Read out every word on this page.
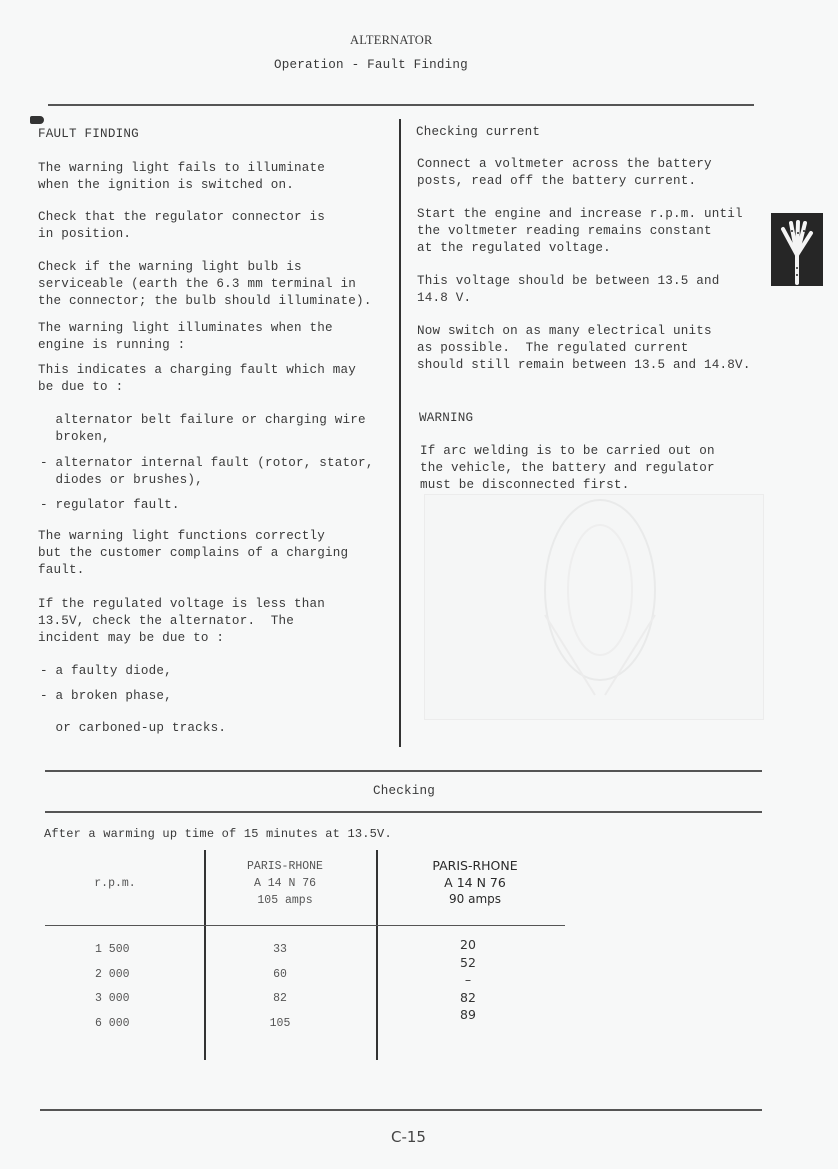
ALTERNATOR
Operation - Fault Finding
FAULT FINDING
The warning light fails to illuminate
when the ignition is switched on.
Check that the regulator connector is
in position.
Check if the warning light bulb is
serviceable (earth the 6.3 mm terminal in
the connector; the bulb should illuminate).
The warning light illuminates when the
engine is running :
This indicates a charging fault which may
be due to :
alternator belt failure or charging wire
broken,
- alternator internal fault (rotor, stator,
diodes or brushes),
- regulator fault.
The warning light functions correctly
but the customer complains of a charging
fault.
If the regulated voltage is less than
13.5V, check the alternator.  The
incident may be due to :
- a faulty diode,
- a broken phase,
or carboned-up tracks.
Checking current
Connect a voltmeter across the battery
posts, read off the battery current.
Start the engine and increase r.p.m. until
the voltmeter reading remains constant
at the regulated voltage.
This voltage should be between 13.5 and
14.8 V.
Now switch on as many electrical units
as possible.  The regulated current
should still remain between 13.5 and 14.8V.
WARNING
If arc welding is to be carried out on
the vehicle, the battery and regulator
must be disconnected first.
Checking
After a warming up time of 15 minutes at 13.5V.
r.p.m.
PARIS-RHONE
A 14 N 76
105 amps
PARIS-RHONE
A 14 N 76
90 amps
1 500
2 000
3 000
6 000
33
60
82
105
20
52
–
82
89
C-15
